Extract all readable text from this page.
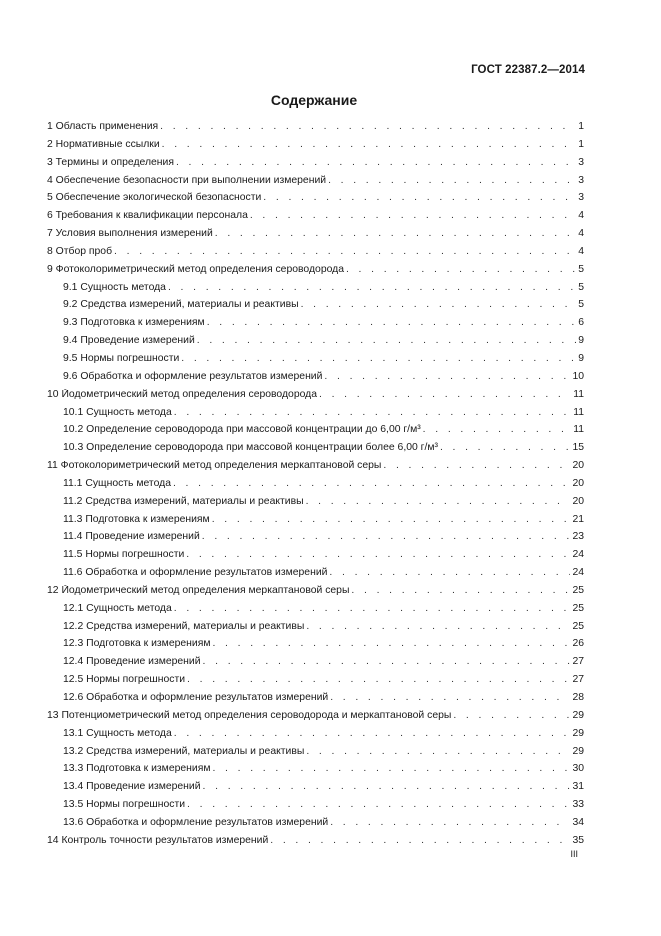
ГОСТ 22387.2—2014
Содержание
1 Область применения . . .	1
2 Нормативные ссылки . . .	1
3 Термины и определения . . .	3
4 Обеспечение безопасности при выполнении измерений . . .	3
5 Обеспечение экологической безопасности . . .	3
6 Требования к квалификации персонала . . .	4
7 Условия выполнения измерений . . .	4
8 Отбор проб . . .	4
9 Фотоколориметрический метод определения сероводорода . . .	5
9.1 Сущность метода . . .	5
9.2 Средства измерений, материалы и реактивы . . .	5
9.3 Подготовка к измерениям . . .	6
9.4 Проведение измерений . . .	9
9.5 Нормы погрешности . . .	9
9.6 Обработка и оформление результатов измерений . . .	10
10 Йодометрический метод определения сероводорода . . .	11
10.1 Сущность метода . . .	11
10.2 Определение сероводорода при массовой концентрации до 6,00 г/м³ . . .	11
10.3 Определение сероводорода при массовой концентрации более 6,00 г/м³ . . .	15
11 Фотоколориметрический метод определения меркаптановой серы . . .	20
11.1 Сущность метода . . .	20
11.2 Средства измерений, материалы и реактивы . . .	20
11.3 Подготовка к измерениям . . .	21
11.4 Проведение измерений . . .	23
11.5 Нормы погрешности . . .	24
11.6 Обработка и оформление результатов измерений . . .	24
12 Йодометрический метод определения меркаптановой серы . . .	25
12.1 Сущность метода . . .	25
12.2 Средства измерений, материалы и реактивы . . .	25
12.3 Подготовка к измерениям . . .	26
12.4 Проведение измерений . . .	27
12.5 Нормы погрешности . . .	27
12.6 Обработка и оформление результатов измерений . . .	28
13 Потенциометрический метод определения сероводорода и меркаптановой серы . . .	29
13.1 Сущность метода . . .	29
13.2 Средства измерений, материалы и реактивы . . .	29
13.3 Подготовка к измерениям . . .	30
13.4 Проведение измерений . . .	31
13.5 Нормы погрешности . . .	33
13.6 Обработка и оформление результатов измерений . . .	34
14 Контроль точности результатов измерений . . .	35
III
